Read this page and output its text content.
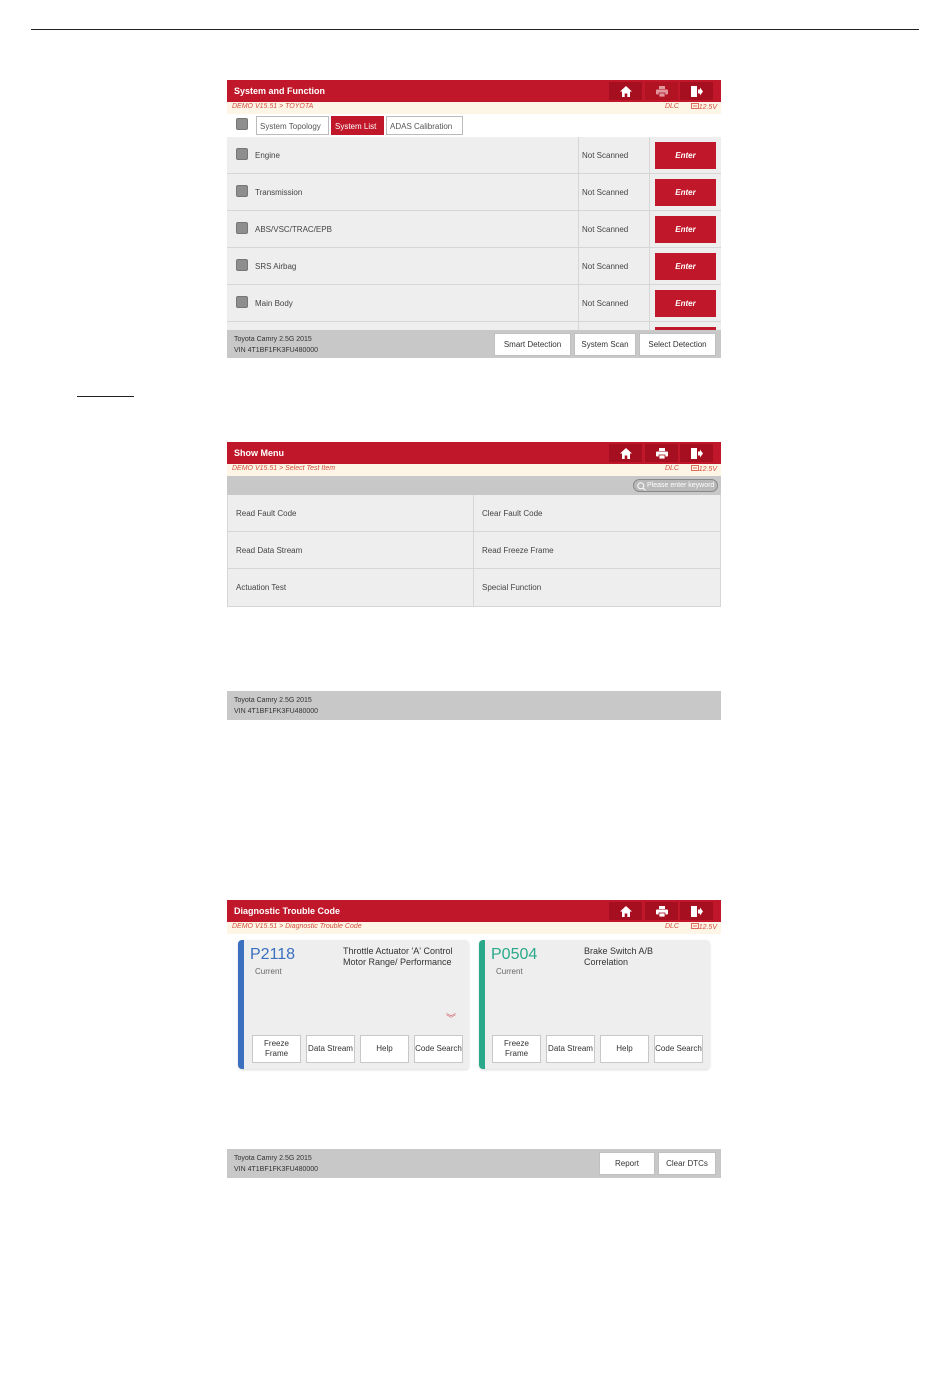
System and Function
DEMO V15.51 > TOYOTA	DLC	12.5V
System Topology	System List	ADAS Calibration
Engine	Not Scanned	Enter
Transmission	Not Scanned	Enter
ABS/VSC/TRAC/EPB	Not Scanned	Enter
SRS Airbag	Not Scanned	Enter
Main Body	Not Scanned	Enter
Toyota Camry 2.5G 2015
VIN 4T1BF1FK3FU480000
Smart Detection	System Scan	Select Detection
Show Menu
DEMO V15.51 > Select Test Item	DLC	12.5V
Please enter keyword
Read Fault Code	Clear Fault Code
Read Data Stream	Read Freeze Frame
Actuation Test	Special Function
Toyota Camry 2.5G 2015
VIN 4T1BF1FK3FU480000
Diagnostic Trouble Code
DEMO V15.51 > Diagnostic Trouble Code	DLC	12.5V
P2118
Current
Throttle Actuator 'A' Control Motor Range/ Performance
︾
Freeze Frame
Data Stream	Help	Code Search
P0504
Current
Brake Switch A/B Correlation
Freeze Frame
Data Stream	Help	Code Search
Toyota Camry 2.5G 2015
VIN 4T1BF1FK3FU480000
Report	Clear DTCs
